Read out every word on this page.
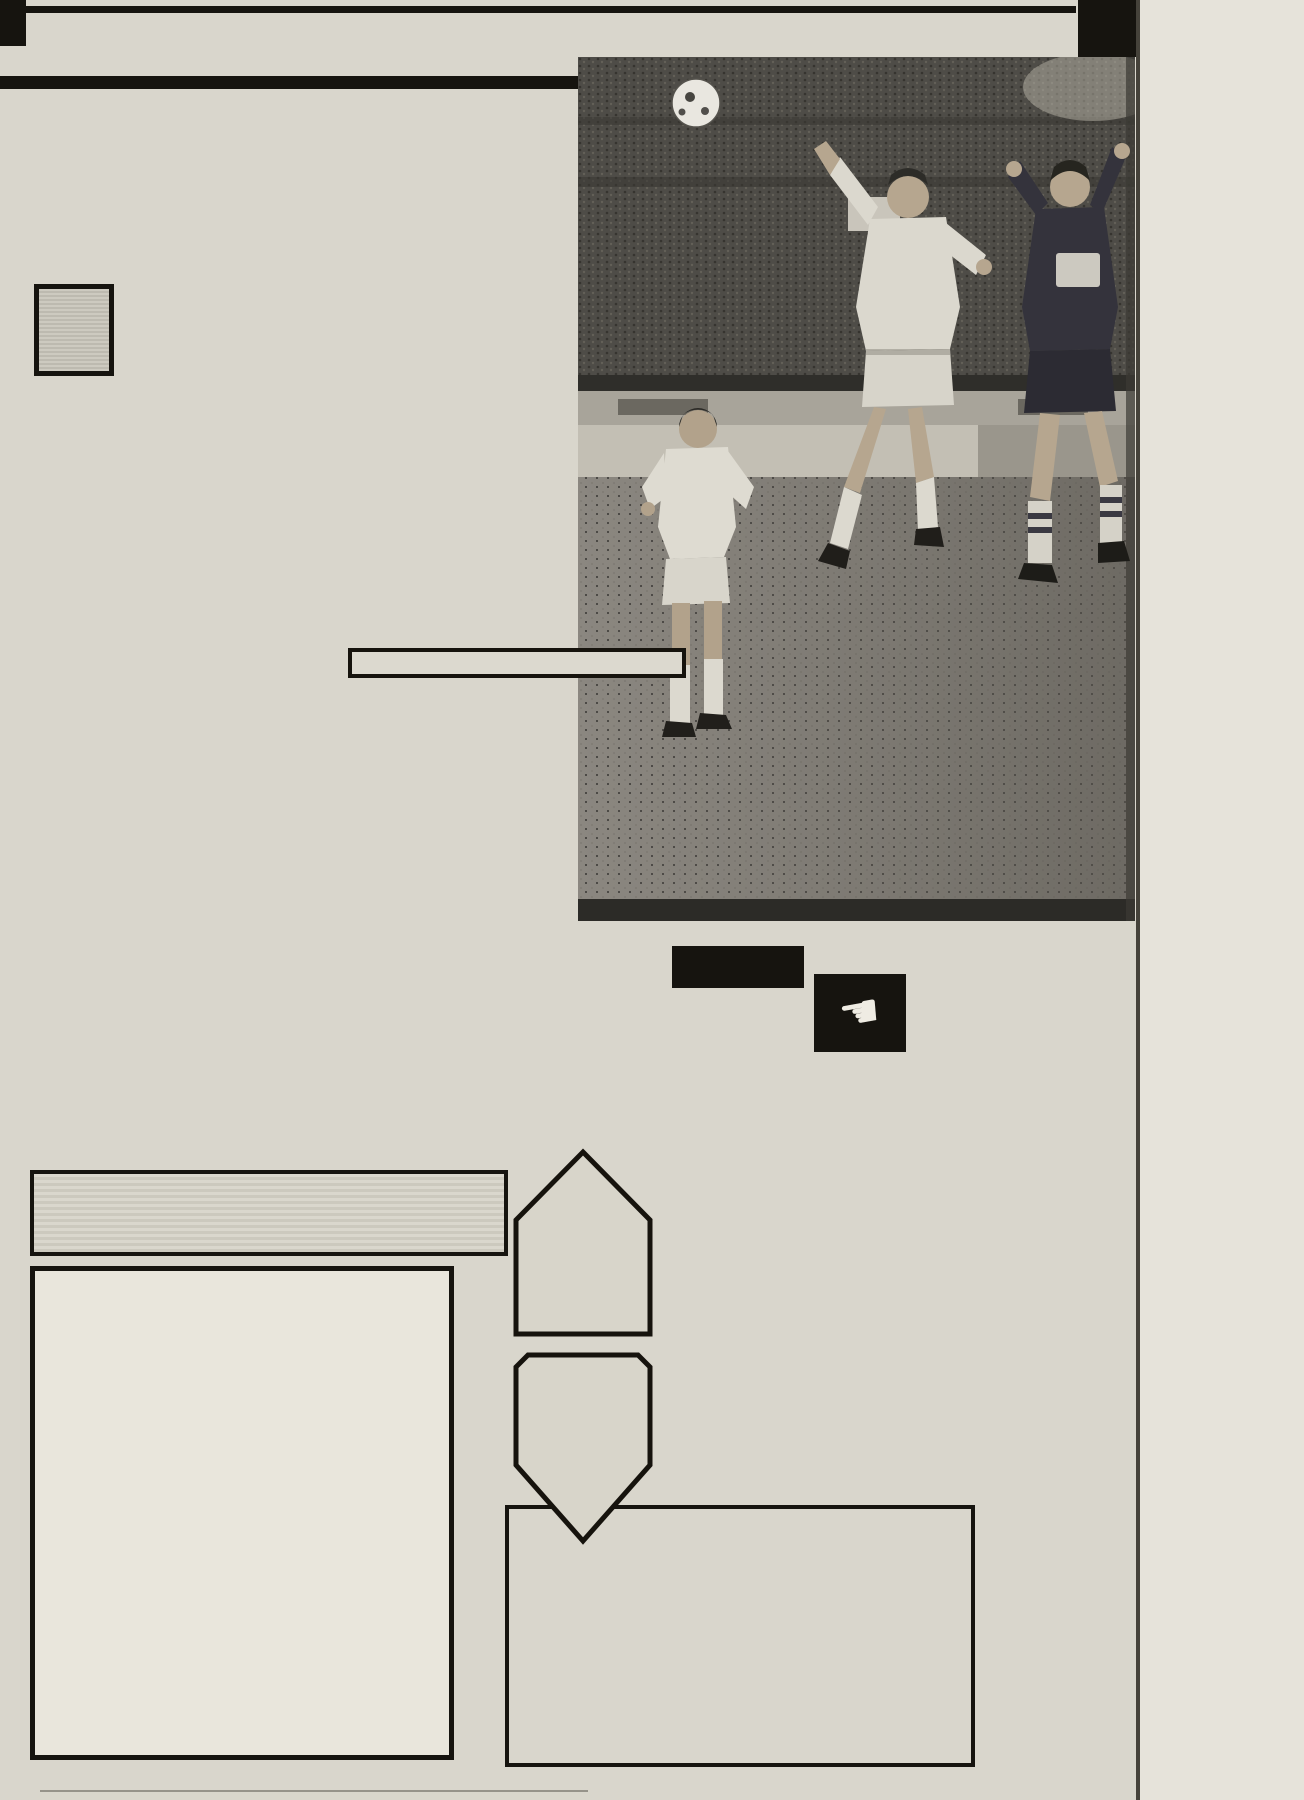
☚
